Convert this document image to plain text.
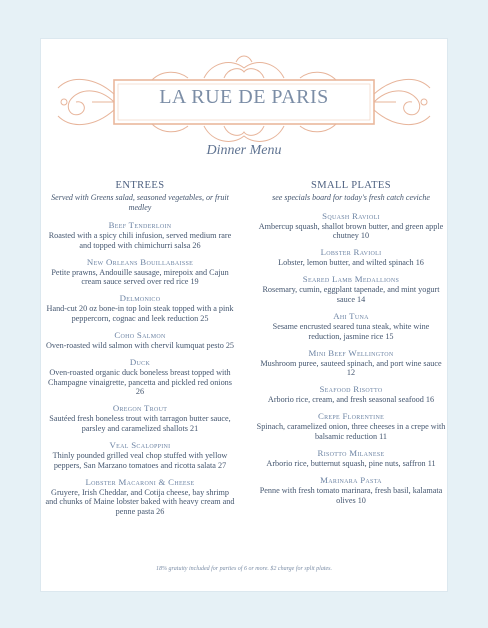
LA RUE DE PARIS
Dinner Menu
ENTREES
Served with Greens salad, seasoned vegetables, or fruit medley
Beef Tenderloin
Roasted with a spicy chili infusion, served medium rare and topped with chimichurri salsa 26
New Orleans Bouillabaisse
Petite prawns, Andouille sausage, mirepoix and Cajun cream sauce served over red rice 19
Delmonico
Hand-cut 20 oz bone-in top loin steak topped with a pink peppercorn, cognac and leek reduction 25
Coho Salmon
Oven-roasted wild salmon with chervil kumquat pesto 25
Duck
Oven-roasted organic duck boneless breast topped with Champagne vinaigrette, pancetta and pickled red onions 26
Oregon Trout
Sautéed fresh boneless trout with tarragon butter sauce, parsley and caramelized shallots 21
Veal Scaloppini
Thinly pounded grilled veal chop stuffed with yellow peppers, San Marzano tomatoes and ricotta salata 27
Lobster Macaroni & Cheese
Gruyere, Irish Cheddar, and Cotija cheese, bay shrimp and chunks of Maine lobster baked with heavy cream and penne pasta 26
SMALL PLATES
see specials board for today's fresh catch ceviche
Squash Ravioli
Ambercup squash, shallot brown butter, and green apple chutney 10
Lobster Ravioli
Lobster, lemon butter, and wilted spinach 16
Seared Lamb Medallions
Rosemary, cumin, eggplant tapenade, and mint yogurt sauce 14
Ahi Tuna
Sesame encrusted seared tuna steak, white wine reduction, jasmine rice 15
Mini Beef Wellington
Mushroom puree, sauteed spinach, and port wine sauce 12
Seafood Risotto
Arborio rice, cream, and fresh seasonal seafood 16
Crepe Florentine
Spinach, caramelized onion, three cheeses in a crepe with balsamic reduction 11
Risotto Milanese
Arborio rice, butternut squash, pine nuts, saffron 11
Marinara Pasta
Penne with fresh tomato marinara, fresh basil, kalamata olives 10
18% gratuity included for parties of 6 or more. $2 charge for split plates.
